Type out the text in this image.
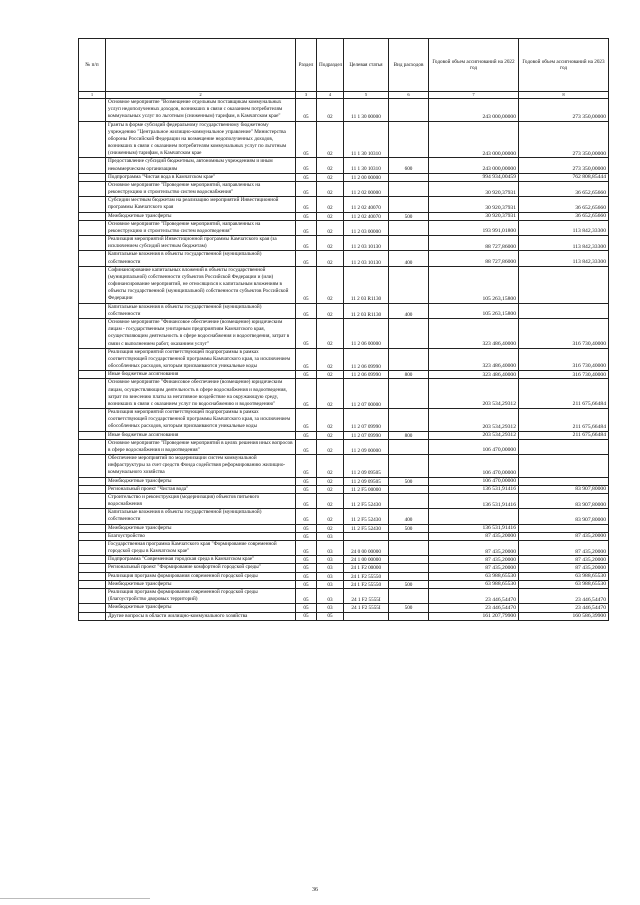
№ п/п		Раздел	Подраздел	Целевая статья	Вид расходов	Годовой объем ассигнований на 2022 год	Годовой объем ассигнований на 2023 год
1	2	3	4	5	6	7	8
	Основное мероприятие "Возмещение отдельным поставщикам коммунальных услуп недополученных доходов, возникших в связи с оказанием потребителям коммунальных услуг по льготным (сниженным) тарифам, в Камчатском крае"	05	02	11 1 30 00000		243 000,00000	273 350,00000
	Гранты в форме субсидий федеральному государственному бюджетному учреждению "Центральное жилищно-коммунальное управление" Министерства обороны Российской Федерации на возмещение недополученных доходов, возникших в связи с оказанием потребителям коммунальных услуг по льготным (сниженным) тарифам, в Камчатском крае	05	02	11 1 30 10310		243 000,00000	273 350,00000
	Предоставление субсидий бюджетным, автономным учреждениям и иным некоммерческим организациям	05	02	11 1 30 10310	600	243 000,00000	273 350,00000
	Подпрограмма "Чистая вода в Камчатском крае"	05	02	11 2 00 00000		994 934,00459	762 808,85444
	Основное мероприятие "Проведение мероприятий, направленных на реконструкцию и строительство систем водоснабжения"	05	02	11 2 02 00000		30 920,37931	36 652,65660
	Субсидии местным бюджетам на реализацию мероприятий Инвестиционной программы Камчатского края	05	02	11 2 02 40070		30 920,37931	36 652,65660
	Межбюджетные трансферты	05	02	11 2 02 40070	500	30 920,37931	36 652,65660
	Основное мероприятие "Проведение мероприятий, направленных на реконструкцию и строительство систем водоотведения"	05	02	11 2 03 00000		193 991,01800	113 842,33300
	Реализация мероприятий Инвестиционной программы Камчатского края (за исключением субсидий местным бюджетам)	05	02	11 2 03 10130		88 727,86000	113 842,33300
	Капитальные вложения в объекты государственной (муниципальной) собственности	05	02	11 2 03 10130	400	88 727,86000	113 842,33300
	Софинансирование капитальных вложений в объекты государственной (муниципальной) собственности субъектов Российской Федерации и (или) софинансирование мероприятий, не относящихся к капитальным вложениям в объекты государственной (муниципальной) собственности субъектов Российской Федерации	05	02	11 2 03 R1130		105 263,15800	
	Капитальные вложения в объекты государственной (муниципальной) собственности	05	02	11 2 03 R1130	400	105 263,15800	
	Основное мероприятие "Финансовое обеспечение (возмещение) юридическим лицам - государственным унитарным предприятиям Камчатского края, осуществляющим деятельность в сфере водоснабжения и водоотведения, затрат в связи с выполнением работ, оказанием услуг"	05	02	11 2 06 00000		323 486,40000	316 730,40000
	Реализация мероприятий соответствующей подпрограммы в рамках соответствующей государственной программы Камчатского края, за исключением обособленных расходов, которым присваиваются уникальные коды	05	02	11 2 06 09990		323 486,40000	316 730,40000
	Иные бюджетные ассигнования	05	02	11 2 06 09990	800	323 486,40000	316 730,40000
	Основное мероприятие "Финансовое обеспечение (возмещение) юридическим лицам, осуществляющим деятельность в сфере водоснабжения и водоотведения, затрат по внесению платы за негативное воздействие на окружающую среду, возникших в связи с оказанием услуг по водоснабжению и водоотведению"	05	02	11 2 07 00000		203 534,29312	211 675,66484
	Реализация мероприятий соответствующей подпрограммы в рамках соответствующей государственной программы Камчатского края, за исключением обособленных расходов, которым присваиваются уникальные коды	05	02	11 2 07 09990		203 534,29312	211 675,66484
	Иные бюджетные ассигнования	05	02	11 2 07 09990	800	203 534,29312	211 675,66484
	Основное мероприятие "Проведение мероприятий в целях решения иных вопросов в сфере водоснабжения и водоотведения"	05	02	11 2 09 00000		106 470,00000	
	Обеспечение мероприятий по модернизации систем коммунальной инфраструктуры за счет средств Фонда содействия реформированию жилищно-коммунального хозяйства	05	02	11 2 09 09505		106 470,00000	
	Межбюджетные трансферты	05	02	11 2 09 09505	500	106 470,00000	
	Региональный проект "Чистая вода"	05	02	11 2 F5 00000		136 531,91416	83 907,80000
	Строительство и реконструкция (модернизация) объектов питьевого водоснабжения	05	02	11 2 F5 52430		136 531,91416	83 907,80000
	Капитальные вложения в объекты государственной (муниципальной) собственности	05	02	11 2 F5 52430	400		83 907,80000
	Межбюджетные трансферты	05	02	11 2 F5 52430	500	136 531,91416	
	Благоустройство	05	03			87 435,20000	87 435,20000
	Государственная программа Камчатского края "Формирование современной городской среды в Камчатском крае"	05	03	24 0 00 00000		87 435,20000	87 435,20000
	Подпрограмма "Современная городская среда в Камчатском крае"	05	03	24 1 00 00000		87 435,20000	87 435,20000
	Региональный проект "Формирование комфортной городской среды"	05	03	24 1 F2 00000		87 435,20000	87 435,20000
	Реализация программ формирования современной городской среды	05	03	24 1 F2 55550		63 988,65530	63 988,65530
	Межбюджетные трансферты	05	03	24 1 F2 55550	500	63 988,65530	63 988,65530
	Реализация программ формирования современной городской среды (благоустройство дворовых территорий)	05	03	24 1 F2 5555I		23 446,54470	23 446,54470
	Межбюджетные трансферты	05	03	24 1 F2 5555I	500	23 446,54470	23 446,54470
	Другие вопросы в области жилищно-коммунального хозяйства	05	05			161 207,79900	160 586,39900
36
